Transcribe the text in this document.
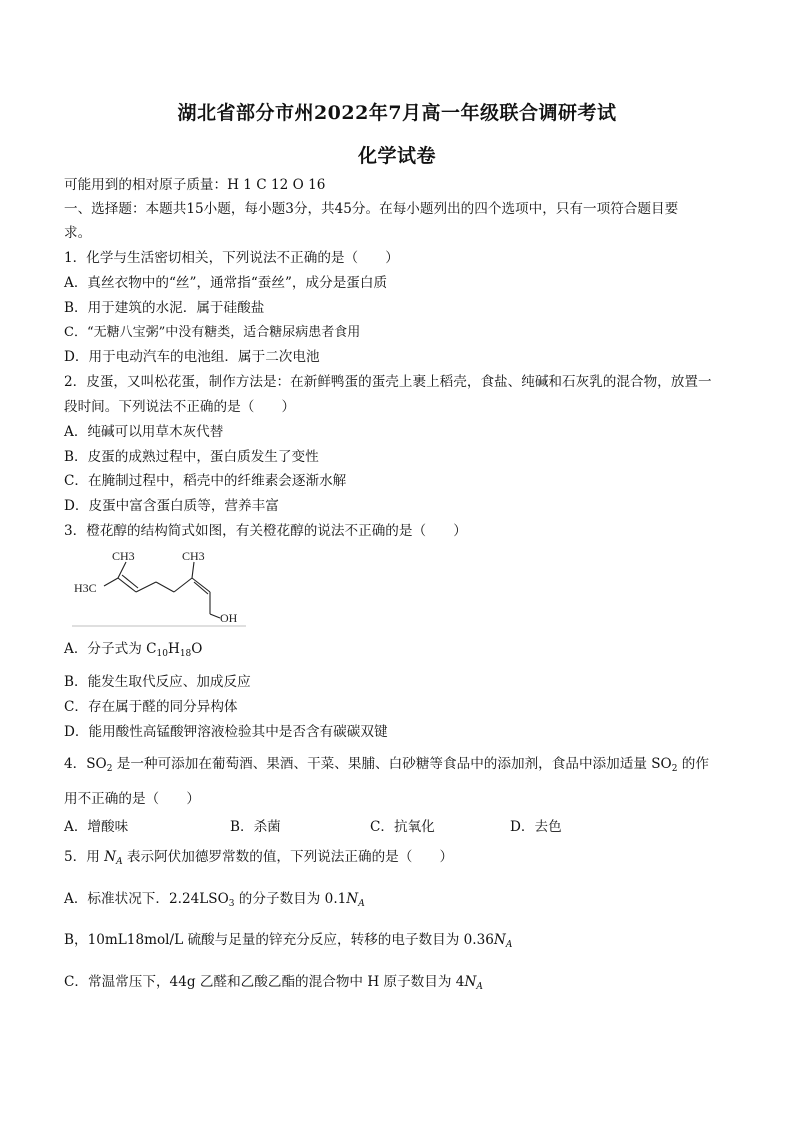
湖北省部分市州2022年7月高一年级联合调研考试
化学试卷
可能用到的相对原子质量：H 1 C 12 O 16
一、选择题：本题共15小题，每小题3分，共45分。在每小题列出的四个选项中，只有一项符合题目要
求。
1．化学与生活密切相关，下列说法不正确的是（　　）
A．真丝衣物中的“丝”，通常指“蚕丝”，成分是蛋白质
B．用于建筑的水泥．属于硅酸盐
C．“无糖八宝粥”中没有糖类，适合糖尿病患者食用
D．用于电动汽车的电池组．属于二次电池
2．皮蛋，又叫松花蛋，制作方法是：在新鲜鸭蛋的蛋壳上裹上稻壳，食盐、纯碱和石灰乳的混合物，放置一
段时间。下列说法不正确的是（　　）
A．纯碱可以用草木灰代替
B．皮蛋的成熟过程中，蛋白质发生了变性
C．在腌制过程中，稻壳中的纤维素会逐渐水解
D．皮蛋中富含蛋白质等，营养丰富
3．橙花醇的结构简式如图，有关橙花醇的说法不正确的是（　　）
CH3	CH3
H3C
OH
A．分子式为 $C_{10}H_{18}O$
B．能发生取代反应、加成反应
C．存在属于醛的同分异构体
D．能用酸性高锰酸钾溶液检验其中是否含有碳碳双键
4．$SO_2$ 是一种可添加在葡萄酒、果酒、干菜、果脯、白砂糖等食品中的添加剂，食品中添加适量 $SO_2$ 的作
用不正确的是（　　）
A．增酸味	B．杀菌	C．抗氧化	D．去色
5．用 $N_A$ 表示阿伏加德罗常数的值，下列说法正确的是（　　）
A．标准状况下．$2.24LSO_3$ 的分子数目为 $0.1N_A$
B，10mL18mol/L 硫酸与足量的锌充分反应，转移的电子数目为 $0.36N_A$
C．常温常压下，44g 乙醛和乙酸乙酯的混合物中 H 原子数目为 $4N_A$
